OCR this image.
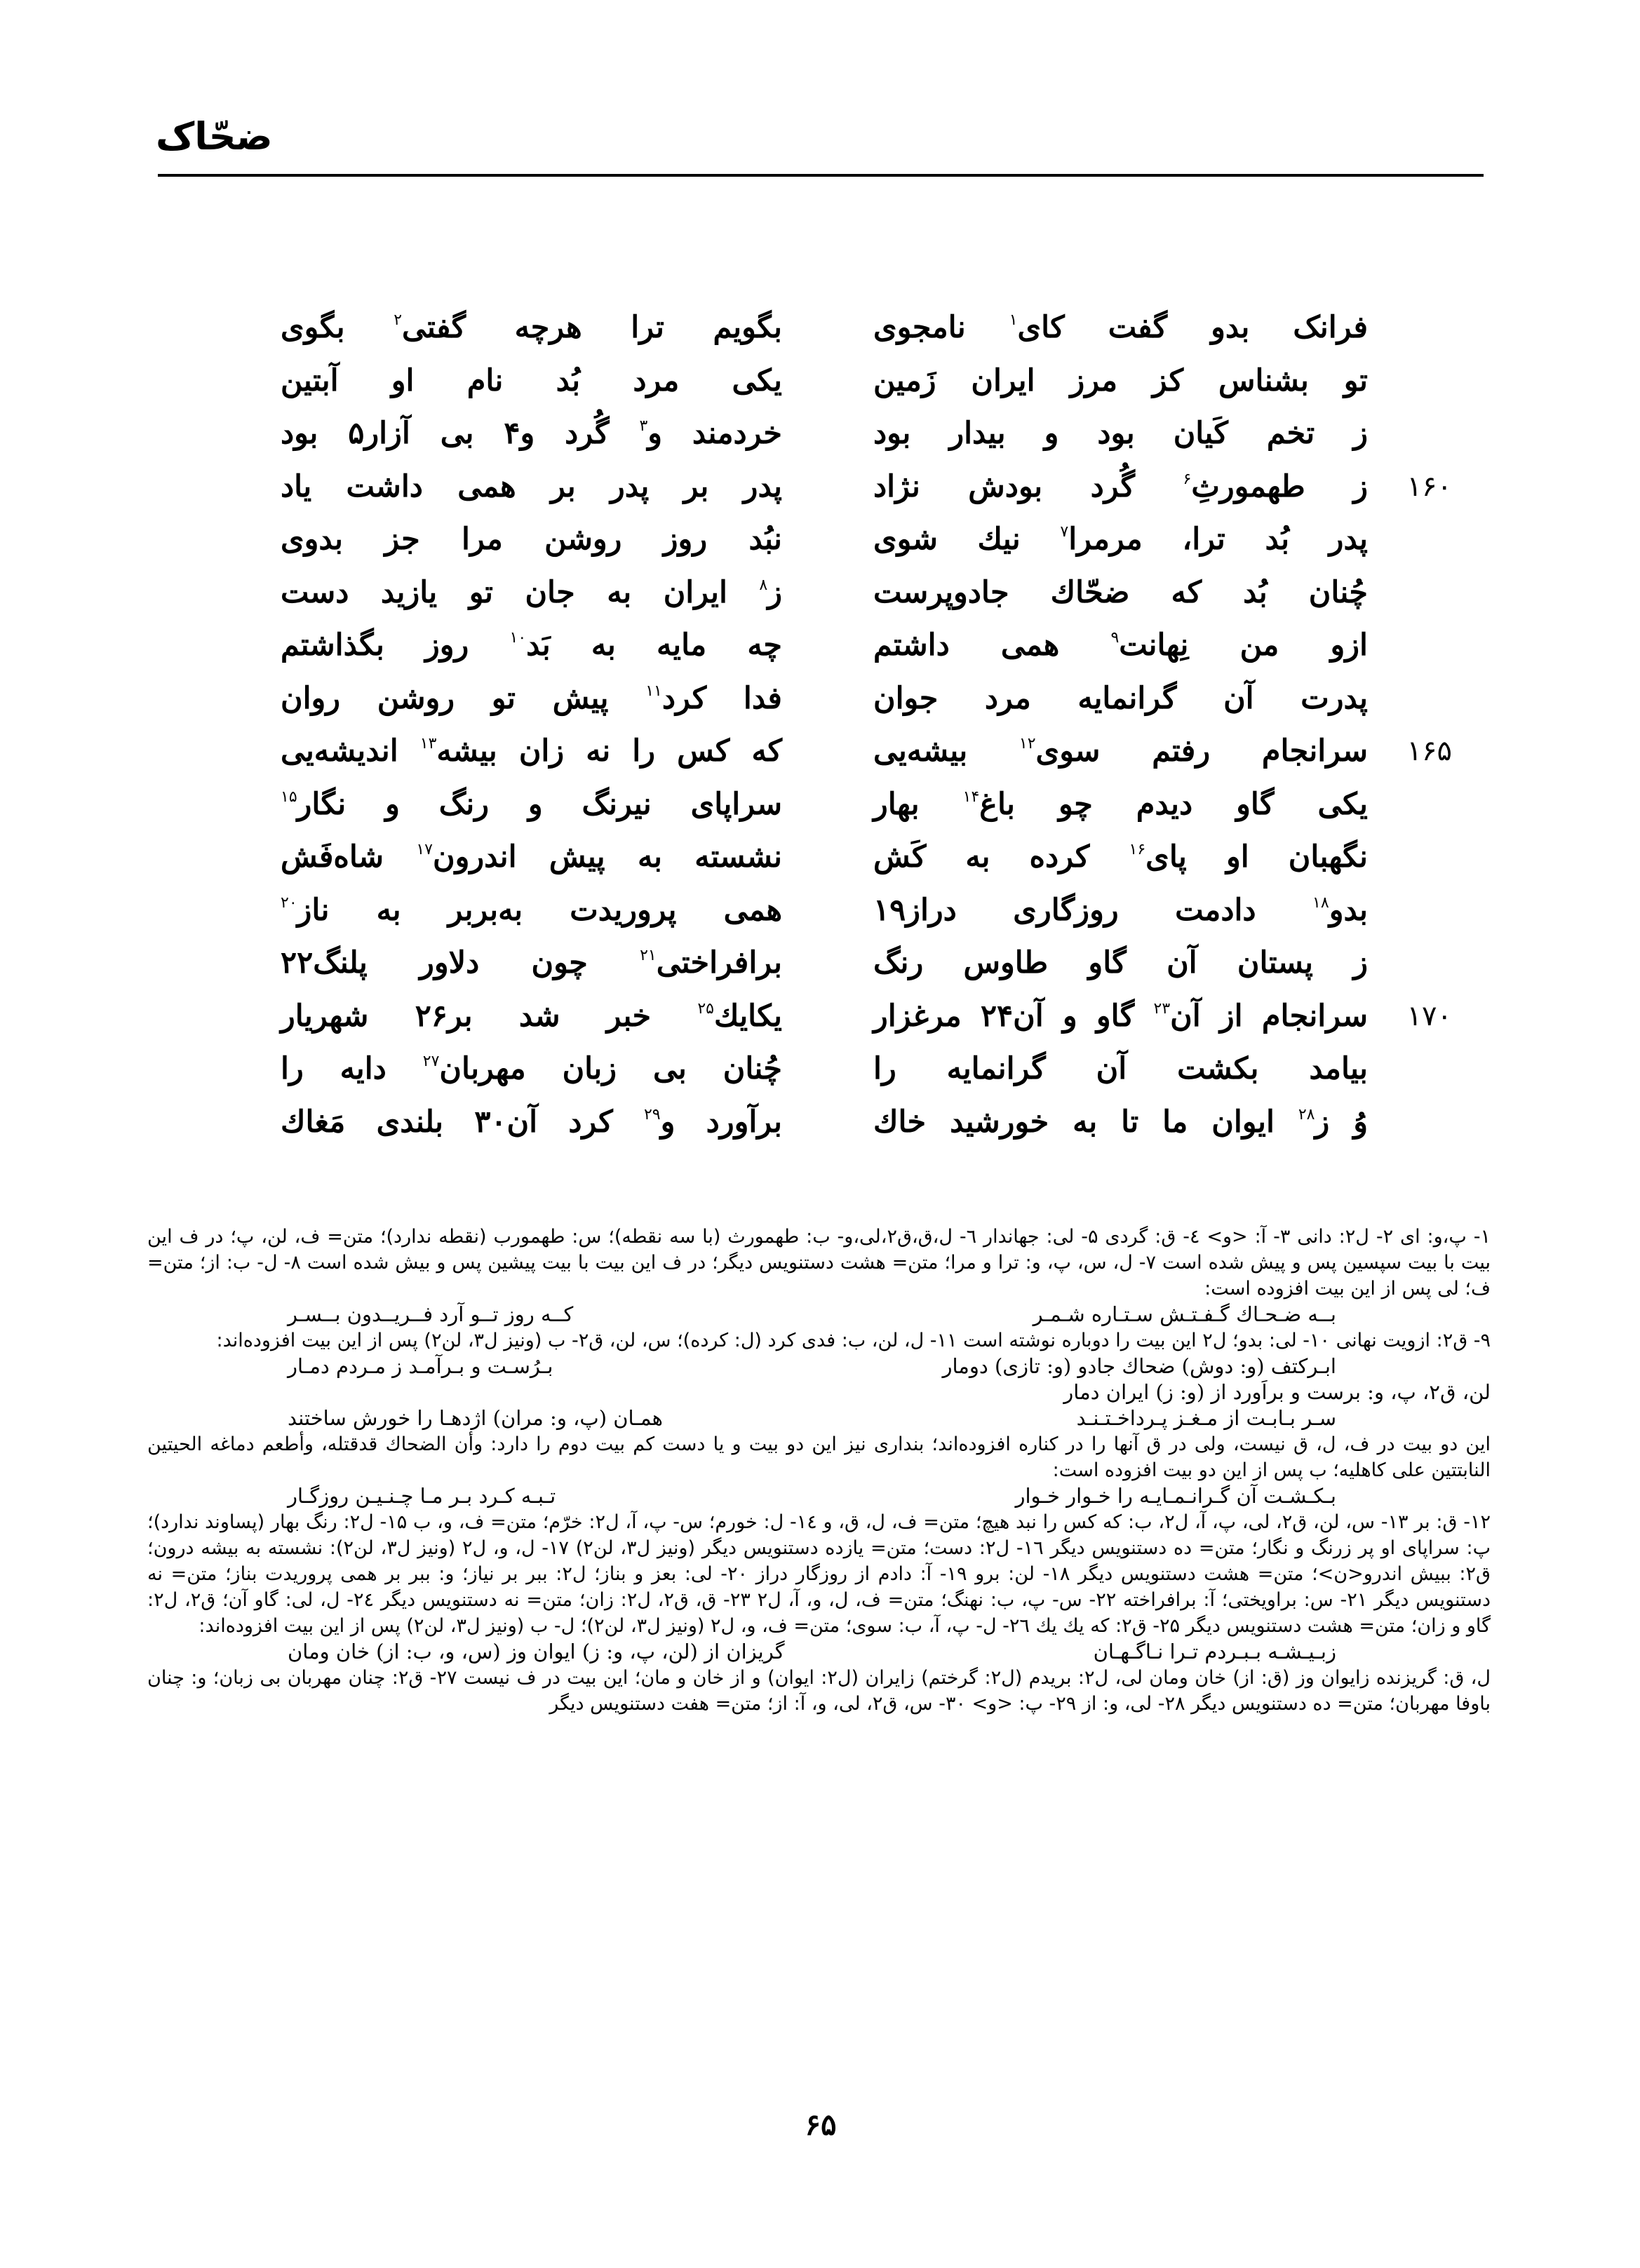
ضحّاک
فرانک بدو گفت کای$^۱$ نامجوی
بگویم ترا هرچه گفتی$^۲$ بگوی
تو بشناس کز مرز ایران زَمین
یکی مرد بُد نام او آبتین
ز تخم کَیان بود و بیدار بود
خردمند و$^۳$ گُرد و۴ بی آزار۵ بود
۱۶۰
ز طهمورثِ$^۶$ گُرد بودش نژاد
پدر بر پدر بر همی داشت یاد
پدر بُد ترا، مرمرا$^۷$ نیك شوی
نبُد روز روشن مرا جز بدوی
چُنان بُد که ضحّاك جادوپرست
ز$^۸$ ایران به جان تو یازید دست
ازو من نِهانت$^۹$ همی داشتم
چه مایه به بَد$^{۱۰}$ روز بگذاشتم
پدرت آن گرانمایه مرد جوان
فدا کرد$^{۱۱}$ پیش تو روشن روان
۱۶۵
سرانجام رفتم سوی$^{۱۲}$ بیشه‌یی
که کس را نه زان بیشه$^{۱۳}$ اندیشه‌یی
یکی گاو دیدم چو باغ$^{۱۴}$ بهار
سراپای نیرنگ و رنگ و نگار$^{۱۵}$
نگهبان او پای$^{۱۶}$ کرده به کَش
نشسته به پیش اندرون$^{۱۷}$ شاه‌فَش
بدو$^{۱۸}$ دادمت روزگاری دراز۱۹
همی پروریدت به‌بربر به ناز$^{۲۰}$
ز پستان آن گاو طاوس رنگ
برافراختی$^{۲۱}$ چون دلاور پلنگ۲۲
۱۷۰
سرانجام از آن$^{۲۳}$ گاو و آن۲۴ مرغزار
یکایك$^{۲۵}$ خبر شد بر۲۶ شهریار
بیامد بکشت آن گرانمایه را
چُنان بی زبان مهربان$^{۲۷}$ دایه را
وُ ز$^{۲۸}$ ایوان ما تا به خورشید خاك
برآورد و$^{۲۹}$ کرد آن۳۰ بلندی مَغاك

۱- پ،و: ای ۲- ل۲: دانی ۳- آ: <و> ٤- ق: گردی ۵- لی: جهاندار ٦- ل،ق،ق۲،لی،و- ب: طهمورث (با سه نقطه)؛ س: طهمورب (نقطه ندارد)؛ متن= ف، لن، پ؛ در ف این بیت با بیت سپسین پس و پیش شده است ۷- ل، س، پ، و: ترا و مرا؛ متن= هشت دستنویس دیگر؛ در ف این بیت با بیت پیشین پس و بیش شده است ۸- ل- ب: از؛ متن= ف؛ لی پس از این بیت افزوده است:

بــه ضـحـاك گـفـتـش سـتـاره شـمـر
کــه روز تــو آرد فــریــدون بــسـر

۹- ق۲: ازویت نهانی ۱۰- لی: بدو؛ ل۲ این بیت را دوباره نوشته است ۱۱- ل، لن، ب: فدی کرد (ل: کرده)؛ س، لن، ق۲- ب (ونیز ل۳، لن۲) پس از این بیت افزوده‌اند:

ابـرکتف (و: دوش) ضحاك جادو (و: تازی) دومار
بـرُسـت و بـرآمـد ز مـردم دمـار
لن، ق۲، پ، و: برست و براَورد از (و: ز) ایران دمار
سـر بـابـت از مـغـز پـرداخـتـنـد
همـان (پ، و: مران) اژدهـا را خورش ساختند

این دو بیت در ف، ل، ق نیست، ولی در ق آنها را در کناره افزوده‌اند؛ بنداری نیز این دو بیت و یا دست کم بیت دوم را دارد: وأن الضحاك قدقتله، وأطعم دماغه الحیتین النابتتین علی کاهلیه؛ ب پس از این دو بیت افزوده است:

بـکـشـت آن گـرانـمـایـه را خـوار خـوار
تـبـه کـرد بـر مـا چـنـیـن روزگـار

۱۲- ق: بر ۱۳- س، لن، ق۲، لی، پ، آ، ل۲، ب: که کس را نبد هیچ؛ متن= ف، ل، ق، و ۱٤- ل: خورم؛ س- پ، آ، ل۲: خرّم؛ متن= ف، و، ب ۱۵- ل۲: رنگ بهار (پساوند ندارد)؛ پ: سراپای او پر زرنگ و نگار؛ متن= ده دستنویس دیگر ۱٦- ل۲: دست؛ متن= یازده دستنویس دیگر (ونیز ل۳، لن۲) ۱۷- ل، و، ل۲ (ونیز ل۳، لن۲): نشسته به بیشه درون؛ ق۲: ببیش اندرو<ن>؛ متن= هشت دستنویس دیگر ۱۸- لن: برو ۱۹- آ: دادم از روزگار دراز ۲۰- لی: بعز و بناز؛ ل۲: ببر بر نیاز؛ و: ببر بر همی پروریدت بناز؛ متن= نه دستنویس دیگر ۲۱- س: براویختی؛ آ: برافراخته ۲۲- س- پ، ب: نهنگ؛ متن= ف، ل، و، آ، ل۲ ۲۳- ق، ق۲، ل۲: زان؛ متن= نه دستنویس دیگر ۲٤- ل، لی: گاو آن؛ ق۲، ل۲: گاو و زان؛ متن= هشت دستنویس دیگر ۲۵- ق۲: که یك یك ۲٦- ل- پ، آ، ب: سوی؛ متن= ف، و، ل۲ (ونیز ل۳، لن۲)؛ ل- ب (ونیز ل۳، لن۲) پس از این بیت افزوده‌اند:

زبـیـشـه بـبـردم تـرا نـاگـهـان
گریزان از (لن، پ، و: ز) ایوان وز (س، و، ب: از) خان ومان

ل، ق: گریزنده زایوان وز (ق: از) خان ومان لی، ل۲: بریدم (ل۲: گرختم) زایران (ل۲: ایوان) و از خان و مان؛ این بیت در ف نیست ۲۷- ق۲: چنان مهربان بی زبان؛ و: چنان باوفا مهربان؛ متن= ده دستنویس دیگر ۲۸- لی، و: از ۲۹- پ: <و> ۳۰- س، ق۲، لی، و، آ: از؛ متن= هفت دستنویس دیگر

۶۵
